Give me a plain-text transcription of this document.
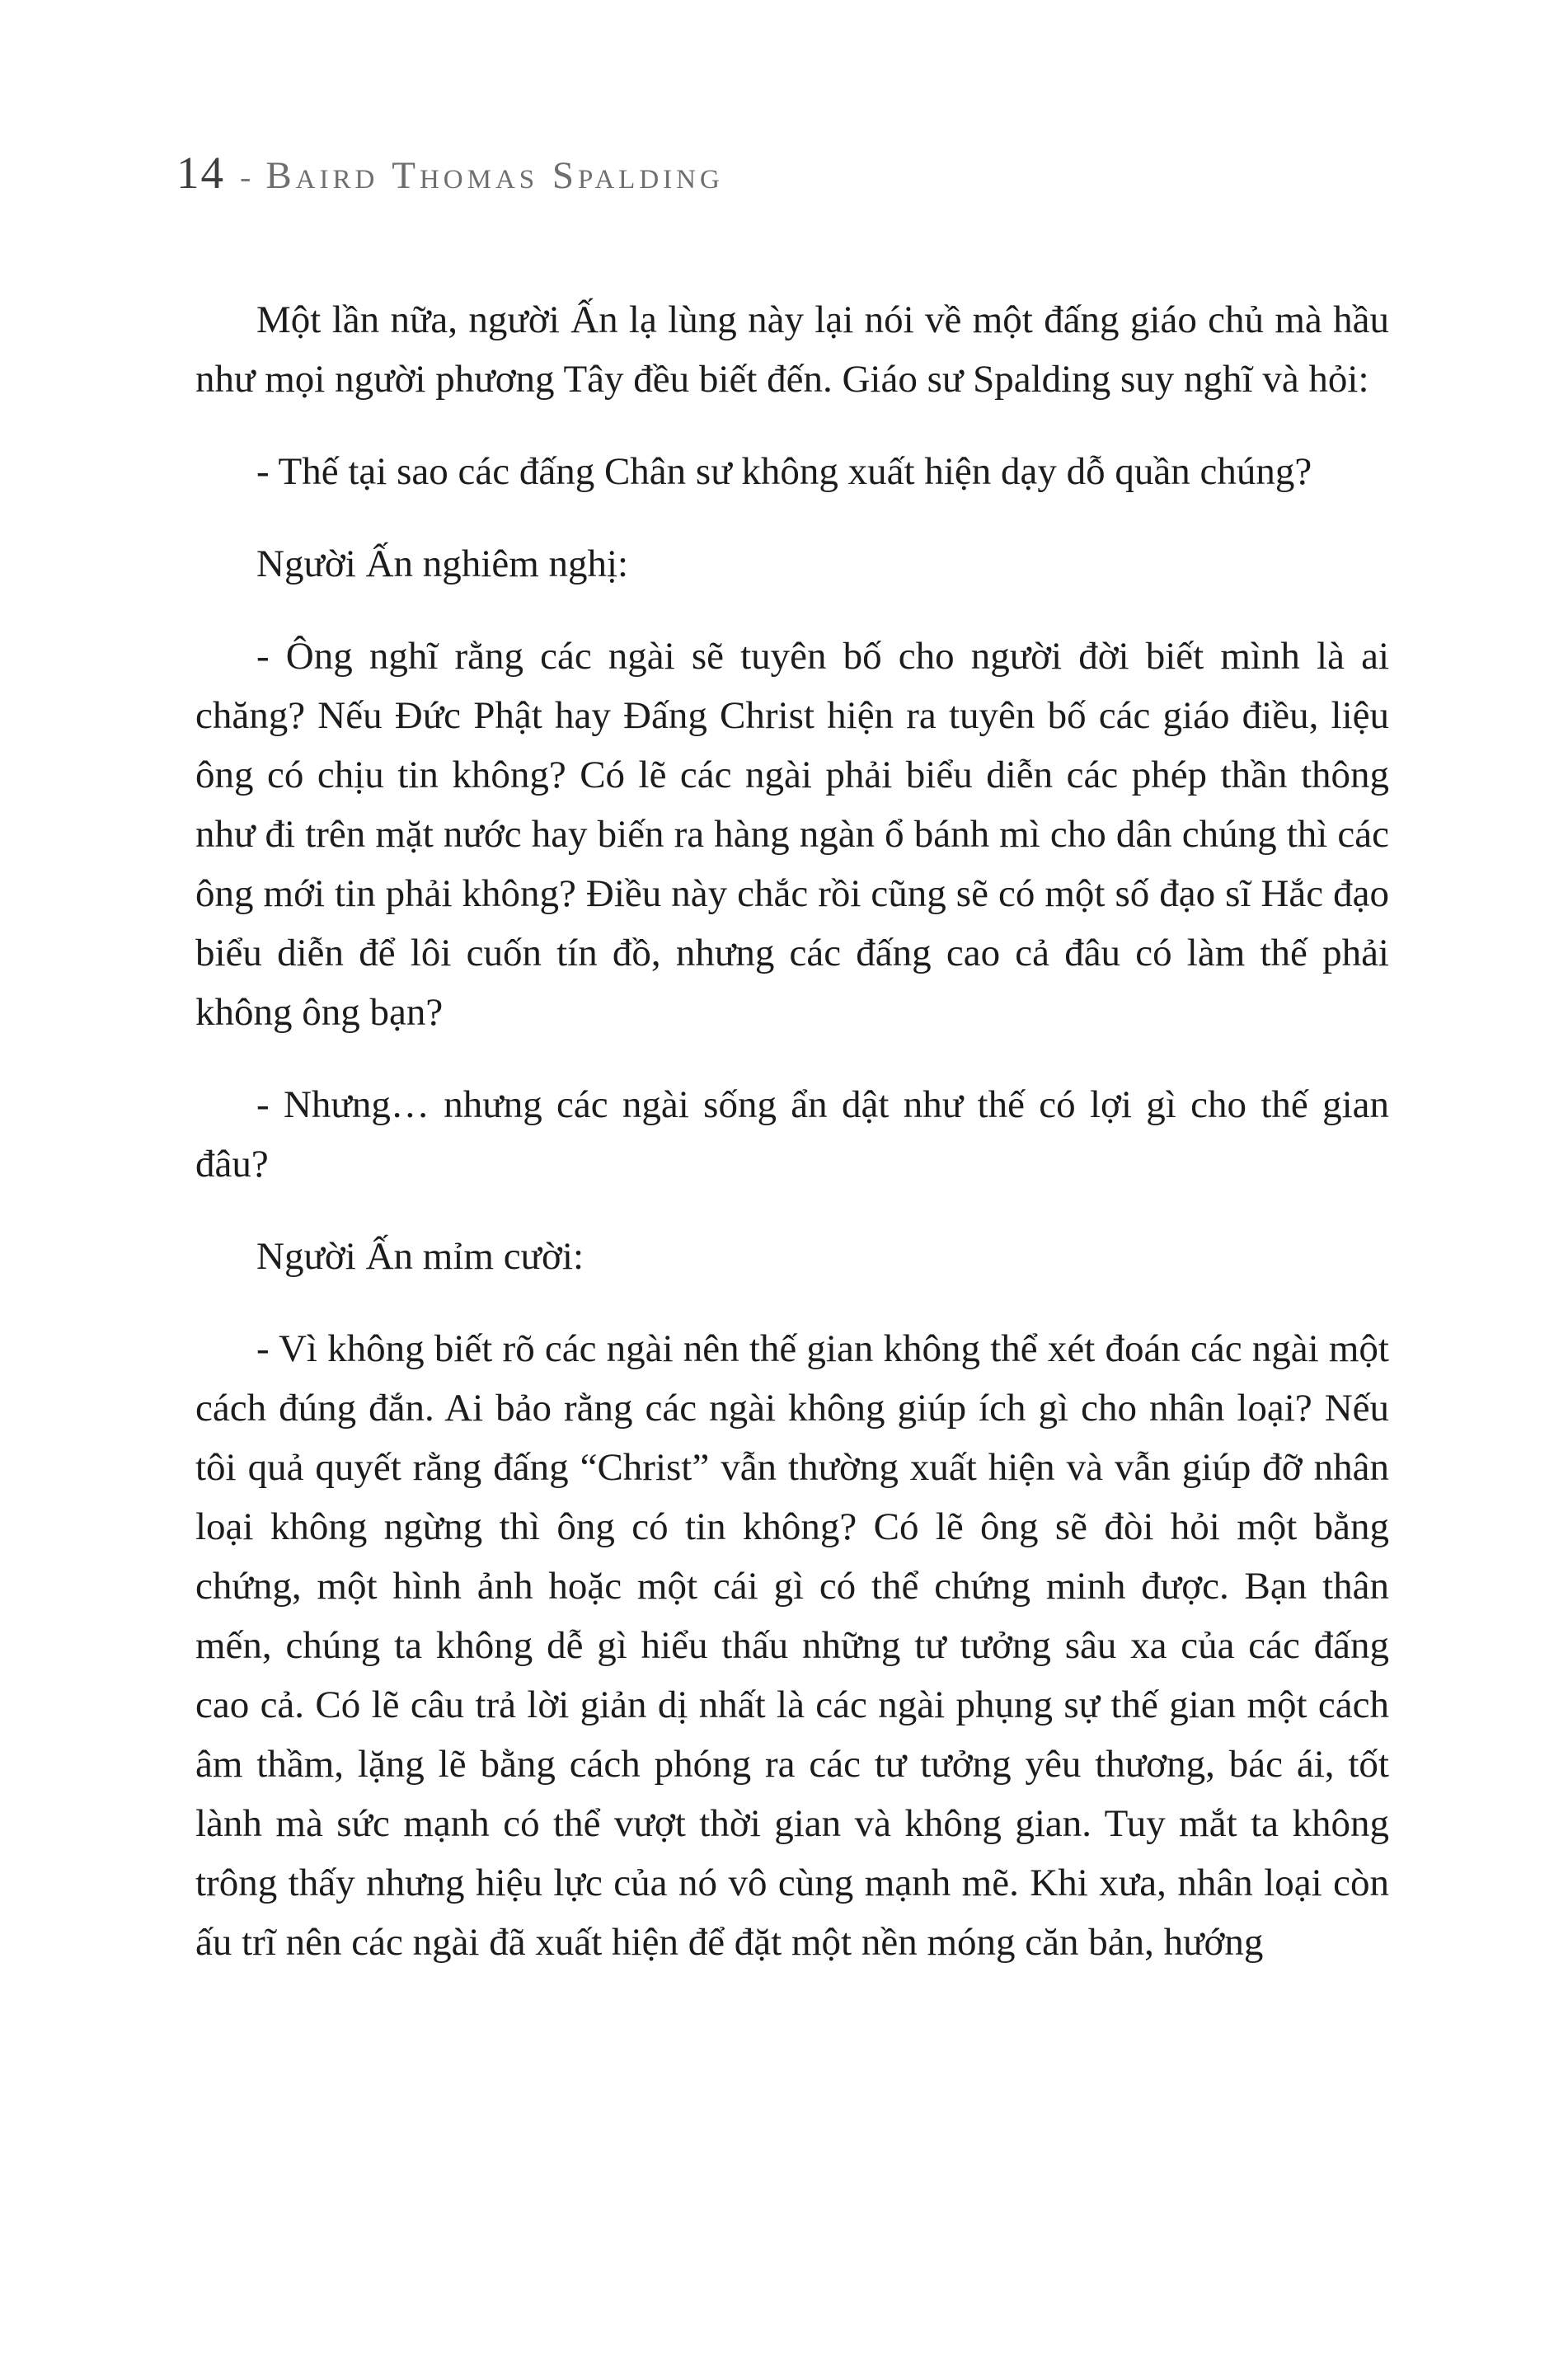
14 - Baird Thomas Spalding

Một lần nữa, người Ấn lạ lùng này lại nói về một đấng giáo chủ mà hầu như mọi người phương Tây đều biết đến. Giáo sư Spalding suy nghĩ và hỏi:

- Thế tại sao các đấng Chân sư không xuất hiện dạy dỗ quần chúng?

Người Ấn nghiêm nghị:

- Ông nghĩ rằng các ngài sẽ tuyên bố cho người đời biết mình là ai chăng? Nếu Đức Phật hay Đấng Christ hiện ra tuyên bố các giáo điều, liệu ông có chịu tin không? Có lẽ các ngài phải biểu diễn các phép thần thông như đi trên mặt nước hay biến ra hàng ngàn ổ bánh mì cho dân chúng thì các ông mới tin phải không? Điều này chắc rồi cũng sẽ có một số đạo sĩ Hắc đạo biểu diễn để lôi cuốn tín đồ, nhưng các đấng cao cả đâu có làm thế phải không ông bạn?

- Nhưng… nhưng các ngài sống ẩn dật như thế có lợi gì cho thế gian đâu?

Người Ấn mỉm cười:

- Vì không biết rõ các ngài nên thế gian không thể xét đoán các ngài một cách đúng đắn. Ai bảo rằng các ngài không giúp ích gì cho nhân loại? Nếu tôi quả quyết rằng đấng “Christ” vẫn thường xuất hiện và vẫn giúp đỡ nhân loại không ngừng thì ông có tin không? Có lẽ ông sẽ đòi hỏi một bằng chứng, một hình ảnh hoặc một cái gì có thể chứng minh được. Bạn thân mến, chúng ta không dễ gì hiểu thấu những tư tưởng sâu xa của các đấng cao cả. Có lẽ câu trả lời giản dị nhất là các ngài phụng sự thế gian một cách âm thầm, lặng lẽ bằng cách phóng ra các tư tưởng yêu thương, bác ái, tốt lành mà sức mạnh có thể vượt thời gian và không gian. Tuy mắt ta không trông thấy nhưng hiệu lực của nó vô cùng mạnh mẽ. Khi xưa, nhân loại còn ấu trĩ nên các ngài đã xuất hiện để đặt một nền móng căn bản, hướng
